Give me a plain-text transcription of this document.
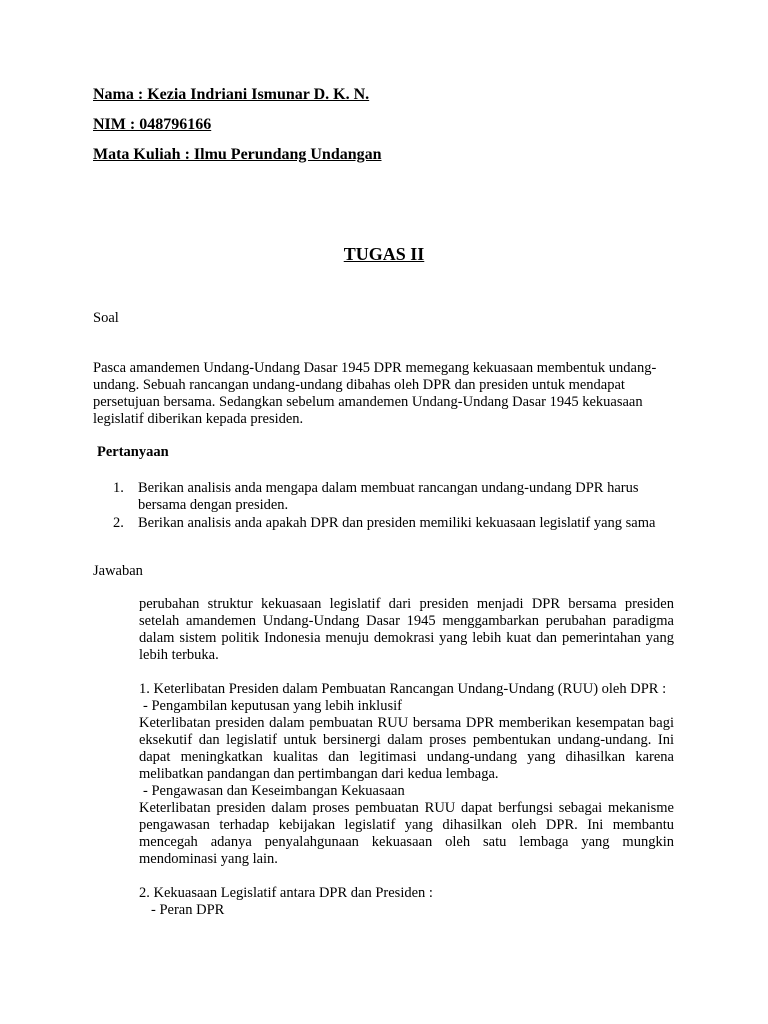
Nama : Kezia Indriani Ismunar D. K. N.

NIM : 048796166

Mata Kuliah : Ilmu Perundang Undangan

TUGAS II

Soal

Pasca amandemen Undang-Undang Dasar 1945 DPR memegang kekuasaan membentuk undang-undang. Sebuah rancangan undang-undang dibahas oleh DPR dan presiden untuk mendapat persetujuan bersama. Sedangkan sebelum amandemen Undang-Undang Dasar 1945 kekuasaan legislatif diberikan kepada presiden.

Pertanyaan

1. Berikan analisis anda mengapa dalam membuat rancangan undang-undang DPR harus bersama dengan presiden.
2. Berikan analisis anda apakah DPR dan presiden memiliki kekuasaan legislatif yang sama

Jawaban

perubahan struktur kekuasaan legislatif dari presiden menjadi DPR bersama presiden setelah amandemen Undang-Undang Dasar 1945 menggambarkan perubahan paradigma dalam sistem politik Indonesia menuju demokrasi yang lebih kuat dan pemerintahan yang lebih terbuka.

1. Keterlibatan Presiden dalam Pembuatan Rancangan Undang-Undang (RUU) oleh DPR :

- Pengambilan keputusan yang lebih inklusif

Keterlibatan presiden dalam pembuatan RUU bersama DPR memberikan kesempatan bagi eksekutif dan legislatif untuk bersinergi dalam proses pembentukan undang-undang. Ini dapat meningkatkan kualitas dan legitimasi undang-undang yang dihasilkan karena melibatkan pandangan dan pertimbangan dari kedua lembaga.

- Pengawasan dan Keseimbangan Kekuasaan

Keterlibatan presiden dalam proses pembuatan RUU dapat berfungsi sebagai mekanisme pengawasan terhadap kebijakan legislatif yang dihasilkan oleh DPR. Ini membantu mencegah adanya penyalahgunaan kekuasaan oleh satu lembaga yang mungkin mendominasi yang lain.

2. Kekuasaan Legislatif antara DPR dan Presiden :

- Peran DPR
